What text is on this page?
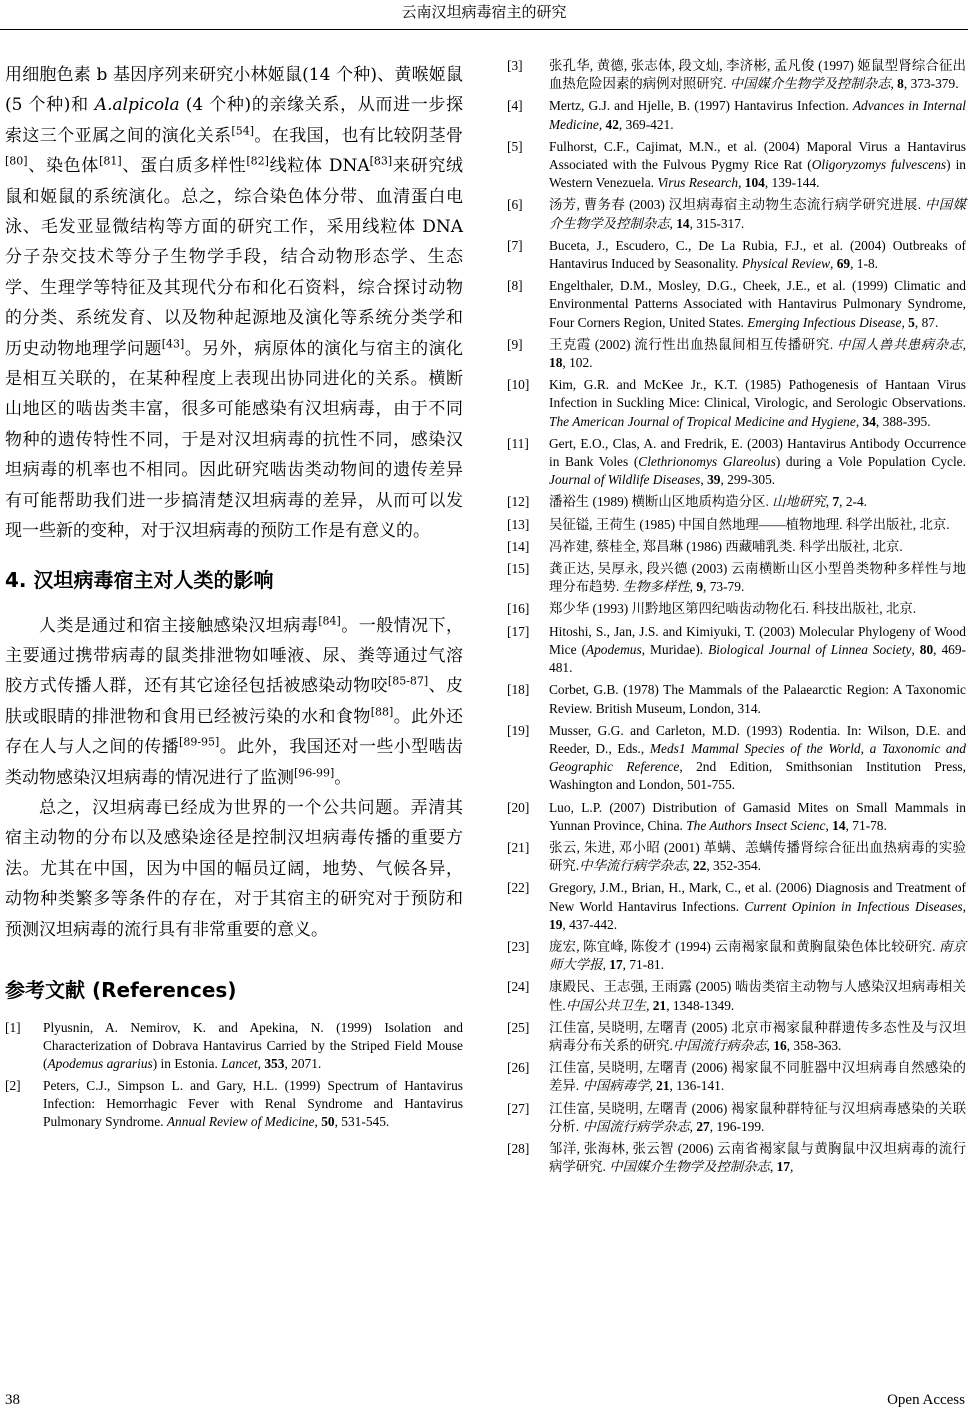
云南汉坦病毒宿主的研究

用细胞色素 b 基因序列来研究小林姬鼠(14 个种)、黄喉姬鼠(5 个种)和 A.alpicola (4 个种)的亲缘关系，从而进一步探索这三个亚属之间的演化关系[54]。在我国，也有比较阴茎骨[80]、染色体[81]、蛋白质多样性[82]线粒体 DNA[83]来研究绒鼠和姬鼠的系统演化。总之，综合染色体分带、血清蛋白电泳、毛发亚显微结构等方面的研究工作，采用线粒体 DNA 分子杂交技术等分子生物学手段，结合动物形态学、生态学、生理学等特征及其现代分布和化石资料，综合探讨动物的分类、系统发育、以及物种起源地及演化等系统分类学和历史动物地理学问题[43]。另外，病原体的演化与宿主的演化是相互关联的，在某种程度上表现出协同进化的关系。横断山地区的啮齿类丰富，很多可能感染有汉坦病毒，由于不同物种的遗传特性不同，于是对汉坦病毒的抗性不同，感染汉坦病毒的机率也不相同。因此研究啮齿类动物间的遗传差异有可能帮助我们进一步搞清楚汉坦病毒的差异，从而可以发现一些新的变种，对于汉坦病毒的预防工作是有意义的。

4. 汉坦病毒宿主对人类的影响

人类是通过和宿主接触感染汉坦病毒[84]。一般情况下，主要通过携带病毒的鼠类排泄物如唾液、尿、粪等通过气溶胶方式传播人群，还有其它途径包括被感染动物咬[85-87]、皮肤或眼睛的排泄物和食用已经被污染的水和食物[88]。此外还存在人与人之间的传播[89-95]。此外，我国还对一些小型啮齿类动物感染汉坦病毒的情况进行了监测[96-99]。

总之，汉坦病毒已经成为世界的一个公共问题。弄清其宿主动物的分布以及感染途径是控制汉坦病毒传播的重要方法。尤其在中国，因为中国的幅员辽阔，地势、气候各异，动物种类繁多等条件的存在，对于其宿主的研究对于预防和预测汉坦病毒的流行具有非常重要的意义。

参考文献 (References)
[1]	Plyusnin, A. Nemirov, K. and Apekina, N. (1999) Isolation and Characterization of Dobrava Hantavirus Carried by the Striped Field Mouse (Apodemus agrarius) in Estonia. Lancet, 353, 2071.
[2]	Peters, C.J., Simpson L. and Gary, H.L. (1999) Spectrum of Hantavirus Infection: Hemorrhagic Fever with Renal Syndrome and Hantavirus Pulmonary Syndrome. Annual Review of Medicine, 50, 531-545.
[3]	张孔华, 黄德, 张志体, 段文灿, 李济彬, 孟凡俊 (1997) 姬鼠型肾综合征出血热危险因素的病例对照研究. 中国媒介生物学及控制杂志, 8, 373-379.
[4]	Mertz, G.J. and Hjelle, B. (1997) Hantavirus Infection. Advances in Internal Medicine, 42, 369-421.
[5]	Fulhorst, C.F., Cajimat, M.N., et al. (2004) Maporal Virus a Hantavirus Associated with the Fulvous Pygmy Rice Rat (Oligoryzomys fulvescens) in Western Venezuela. Virus Research, 104, 139-144.
[6]	汤芳, 曹务春 (2003) 汉坦病毒宿主动物生态流行病学研究进展. 中国媒介生物学及控制杂志, 14, 315-317.
[7]	Buceta, J., Escudero, C., De La Rubia, F.J., et al. (2004) Outbreaks of Hantavirus Induced by Seasonality. Physical Review, 69, 1-8.
[8]	Engelthaler, D.M., Mosley, D.G., Cheek, J.E., et al. (1999) Climatic and Environmental Patterns Associated with Hantavirus Pulmonary Syndrome, Four Corners Region, United States. Emerging Infectious Disease, 5, 87.
[9]	王克霞 (2002) 流行性出血热鼠间相互传播研究. 中国人兽共患病杂志, 18, 102.
[10]	Kim, G.R. and McKee Jr., K.T. (1985) Pathogenesis of Hantaan Virus Infection in Suckling Mice: Clinical, Virologic, and Serologic Observations. The American Journal of Tropical Medicine and Hygiene, 34, 388-395.
[11]	Gert, E.O., Clas, A. and Fredrik, E. (2003) Hantavirus Antibody Occurrence in Bank Voles (Clethrionomys Glareolus) during a Vole Population Cycle. Journal of Wildlife Diseases, 39, 299-305.
[12]	潘裕生 (1989) 横断山区地质构造分区. 山地研究, 7, 2-4.
[13]	吴征镒, 王荷生 (1985) 中国自然地理——植物地理. 科学出版社, 北京.
[14]	冯祚建, 蔡桂全, 郑昌琳 (1986) 西藏哺乳类. 科学出版社, 北京.
[15]	龚正达, 吴厚永, 段兴德 (2003) 云南横断山区小型兽类物种多样性与地理分布趋势. 生物多样性, 9, 73-79.
[16]	郑少华 (1993) 川黔地区第四纪啮齿动物化石. 科技出版社, 北京.
[17]	Hitoshi, S., Jan, J.S. and Kimiyuki, T. (2003) Molecular Phylogeny of Wood Mice (Apodemus, Muridae). Biological Journal of Linnea Society, 80, 469-481.
[18]	Corbet, G.B. (1978) The Mammals of the Palaearctic Region: A Taxonomic Review. British Museum, London, 314.
[19]	Musser, G.G. and Carleton, M.D. (1993) Rodentia. In: Wilson, D.E. and Reeder, D., Eds., Meds1 Mammal Species of the World, a Taxonomic and Geographic Reference, 2nd Edition, Smithsonian Institution Press, Washington and London, 501-755.
[20]	Luo, L.P. (2007) Distribution of Gamasid Mites on Small Mammals in Yunnan Province, China. The Authors Insect Scienc, 14, 71-78.
[21]	张云, 朱进, 邓小昭 (2001) 革螨、恙螨传播肾综合征出血热病毒的实验研究.中华流行病学杂志, 22, 352-354.
[22]	Gregory, J.M., Brian, H., Mark, C., et al. (2006) Diagnosis and Treatment of New World Hantavirus Infections. Current Opinion in Infectious Diseases, 19, 437-442.
[23]	庞宏, 陈宜峰, 陈俊才 (1994) 云南褐家鼠和黄胸鼠染色体比较研究. 南京师大学报, 17, 71-81.
[24]	康殿民、王志强, 王雨露 (2005) 啮齿类宿主动物与人感染汉坦病毒相关性.中国公共卫生, 21, 1348-1349.
[25]	江佳富, 吴晓明, 左曙青 (2005) 北京市褐家鼠种群遗传多态性及与汉坦病毒分布关系的研究.中国流行病杂志, 16, 358-363.
[26]	江佳富, 吴晓明, 左曙青 (2006) 褐家鼠不同脏器中汉坦病毒自然感染的差异. 中国病毒学, 21, 136-141.
[27]	江佳富, 吴晓明, 左曙青 (2006) 褐家鼠种群特征与汉坦病毒感染的关联分析. 中国流行病学杂志, 27, 196-199.
[28]	邹洋, 张海林, 张云智 (2006) 云南省褐家鼠与黄胸鼠中汉坦病毒的流行病学研究. 中国媒介生物学及控制杂志, 17,
38	Open Access
